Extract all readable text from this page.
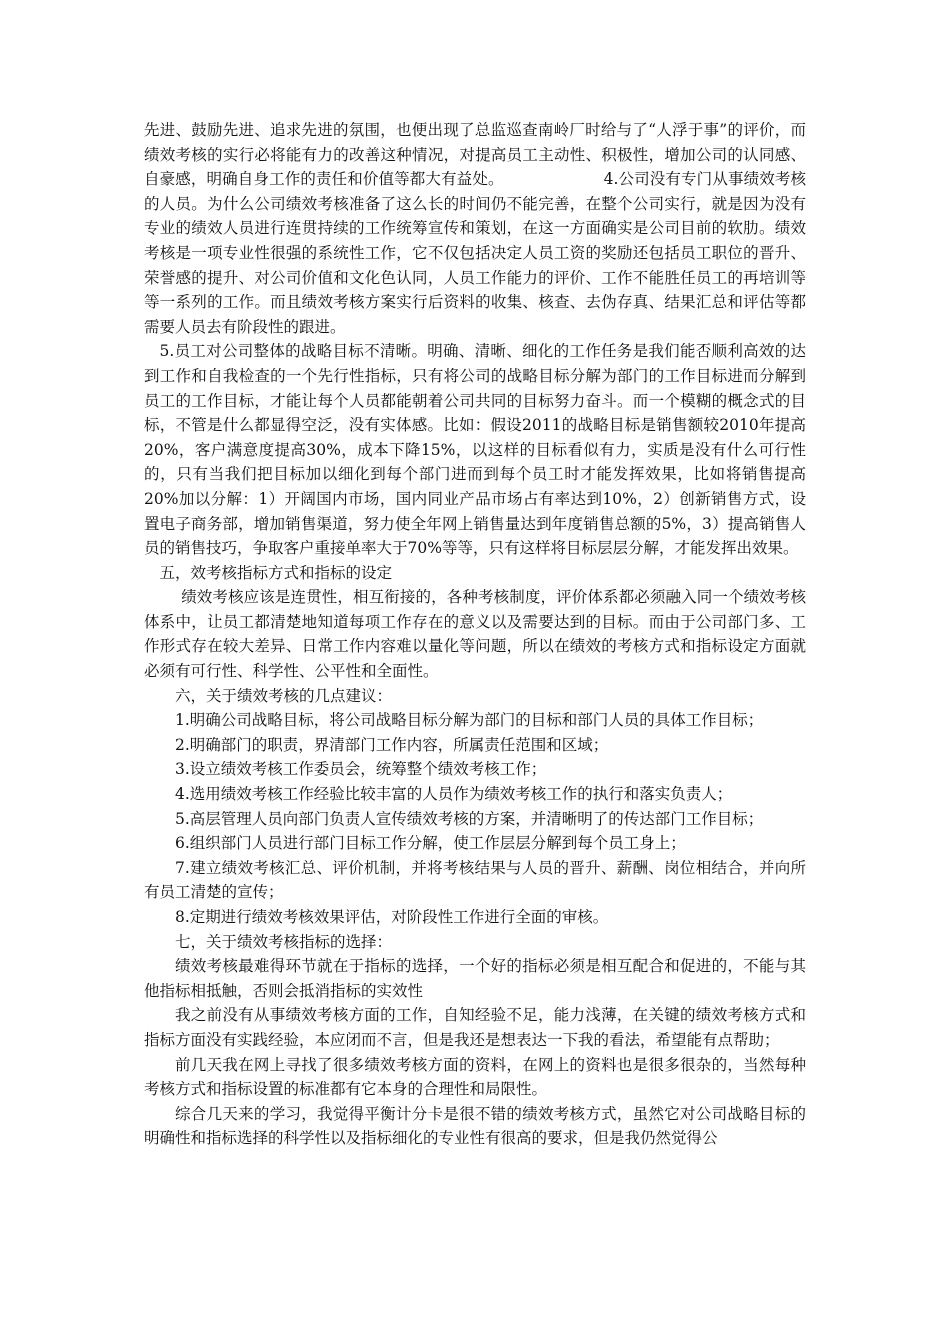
先进、鼓励先进、追求先进的氛围，也便出现了总监巡查南岭厂时给与了“人浮于事”的评价，而绩效考核的实行必将能有力的改善这种情况，对提高员工主动性、积极性，增加公司的认同感、自豪感，明确自身工作的责任和价值等都大有益处。	4.公司没有专门从事绩效考核的人员。为什么公司绩效考核准备了这么长的时间仍不能完善，在整个公司实行，就是因为没有专业的绩效人员进行连贯持续的工作统筹宣传和策划，在这一方面确实是公司目前的软肋。绩效考核是一项专业性很强的系统性工作，它不仅包括决定人员工资的奖励还包括员工职位的晋升、荣誉感的提升、对公司价值和文化色认同，人员工作能力的评价、工作不能胜任员工的再培训等等一系列的工作。而且绩效考核方案实行后资料的收集、核查、去伪存真、结果汇总和评估等都需要人员去有阶段性的跟进。

5.员工对公司整体的战略目标不清晰。明确、清晰、细化的工作任务是我们能否顺利高效的达到工作和自我检查的一个先行性指标，只有将公司的战略目标分解为部门的工作目标进而分解到员工的工作目标，才能让每个人员都能朝着公司共同的目标努力奋斗。而一个模糊的概念式的目标，不管是什么都显得空泛，没有实体感。比如：假设2011的战略目标是销售额较2010年提高20%，客户满意度提高30%，成本下降15%，以这样的目标看似有力，实质是没有什么可行性的，只有当我们把目标加以细化到每个部门进而到每个员工时才能发挥效果，比如将销售提高20%加以分解：1）开阔国内市场，国内同业产品市场占有率达到10%，2）创新销售方式，设置电子商务部，增加销售渠道，努力使全年网上销售量达到年度销售总额的5%，3）提高销售人员的销售技巧，争取客户重接单率大于70%等等，只有这样将目标层层分解，才能发挥出效果。

五，效考核指标方式和指标的设定

绩效考核应该是连贯性，相互衔接的，各种考核制度，评价体系都必须融入同一个绩效考核体系中，让员工都清楚地知道每项工作存在的意义以及需要达到的目标。而由于公司部门多、工作形式存在较大差异、日常工作内容难以量化等问题，所以在绩效的考核方式和指标设定方面就必须有可行性、科学性、公平性和全面性。

六，关于绩效考核的几点建议：

1.明确公司战略目标，将公司战略目标分解为部门的目标和部门人员的具体工作目标；

2.明确部门的职责，界清部门工作内容，所属责任范围和区域；

3.设立绩效考核工作委员会，统筹整个绩效考核工作；

4.选用绩效考核工作经验比较丰富的人员作为绩效考核工作的执行和落实负责人；

5.高层管理人员向部门负责人宣传绩效考核的方案，并清晰明了的传达部门工作目标；

6.组织部门人员进行部门目标工作分解，使工作层层分解到每个员工身上；

7.建立绩效考核汇总、评价机制，并将考核结果与人员的晋升、薪酬、岗位相结合，并向所有员工清楚的宣传；

8.定期进行绩效考核效果评估，对阶段性工作进行全面的审核。

七，关于绩效考核指标的选择：

绩效考核最难得环节就在于指标的选择，一个好的指标必须是相互配合和促进的，不能与其他指标相抵触，否则会抵消指标的实效性

我之前没有从事绩效考核方面的工作，自知经验不足，能力浅薄，在关键的绩效考核方式和指标方面没有实践经验，本应闭而不言，但是我还是想表达一下我的看法，希望能有点帮助；

前几天我在网上寻找了很多绩效考核方面的资料，在网上的资料也是很多很杂的，当然每种考核方式和指标设置的标准都有它本身的合理性和局限性。

综合几天来的学习，我觉得平衡计分卡是很不错的绩效考核方式，虽然它对公司战略目标的明确性和指标选择的科学性以及指标细化的专业性有很高的要求，但是我仍然觉得公
